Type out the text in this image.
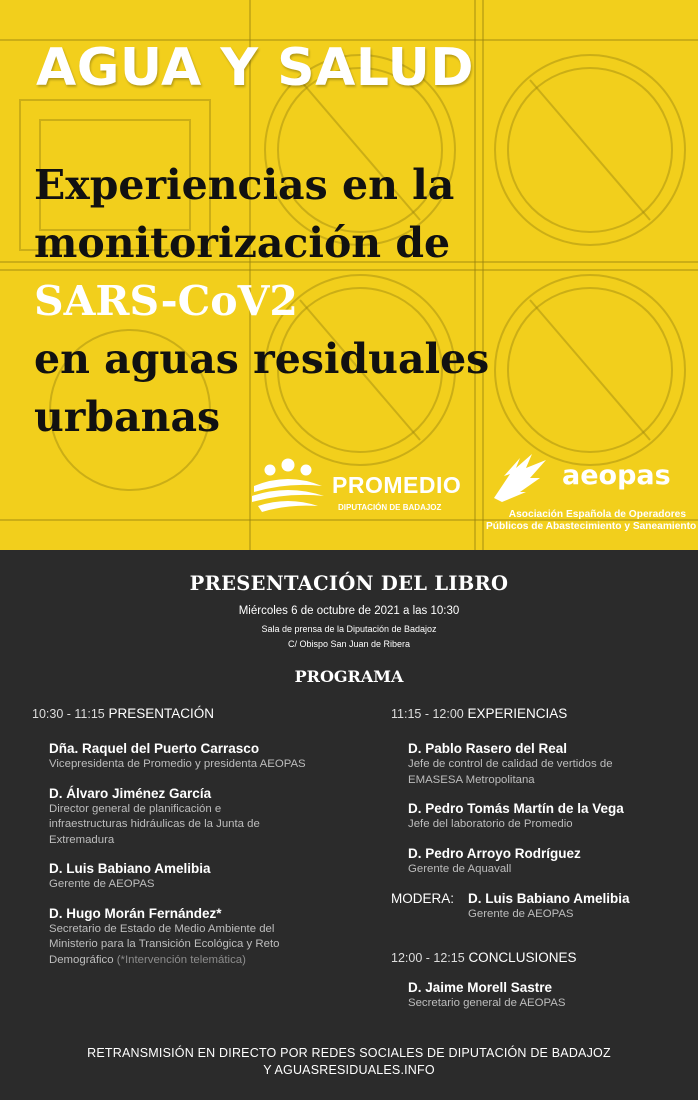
AGUA Y SALUD
Experiencias en la
monitorización de
SARS-CoV2
en aguas residuales
urbanas
PROMEDIO
DIPUTACIÓN DE BADAJOZ
aeopas
Asociación Española de Operadores
Públicos de Abastecimiento y Saneamiento
PRESENTACIÓN DEL LIBRO
Miércoles 6 de octubre de 2021 a las 10:30
Sala de prensa de la Diputación de Badajoz
C/ Obispo San Juan de Ribera
PROGRAMA
10:30 - 11:15 PRESENTACIÓN
Dña. Raquel del Puerto Carrasco
Vicepresidenta de Promedio y presidenta AEOPAS
D. Álvaro Jiménez García
Director general de planificación e
infraestructuras hidráulicas de la Junta de
Extremadura
D. Luis Babiano Amelibia
Gerente de AEOPAS
D. Hugo Morán Fernández*
Secretario de Estado de Medio Ambiente del
Ministerio para la Transición Ecológica y Reto
Demográfico (*Intervención telemática)
11:15 - 12:00 EXPERIENCIAS
D. Pablo Rasero del Real
Jefe de control de calidad de vertidos de
EMASESA Metropolitana
D. Pedro Tomás Martín de la Vega
Jefe del laboratorio de Promedio
D. Pedro Arroyo Rodríguez
Gerente de Aquavall
MODERA:	D. Luis Babiano Amelibia
Gerente de AEOPAS
12:00 - 12:15 CONCLUSIONES
D. Jaime Morell Sastre
Secretario general de AEOPAS
RETRANSMISIÓN EN DIRECTO POR REDES SOCIALES DE DIPUTACIÓN DE BADAJOZ
Y AGUASRESIDUALES.INFO
